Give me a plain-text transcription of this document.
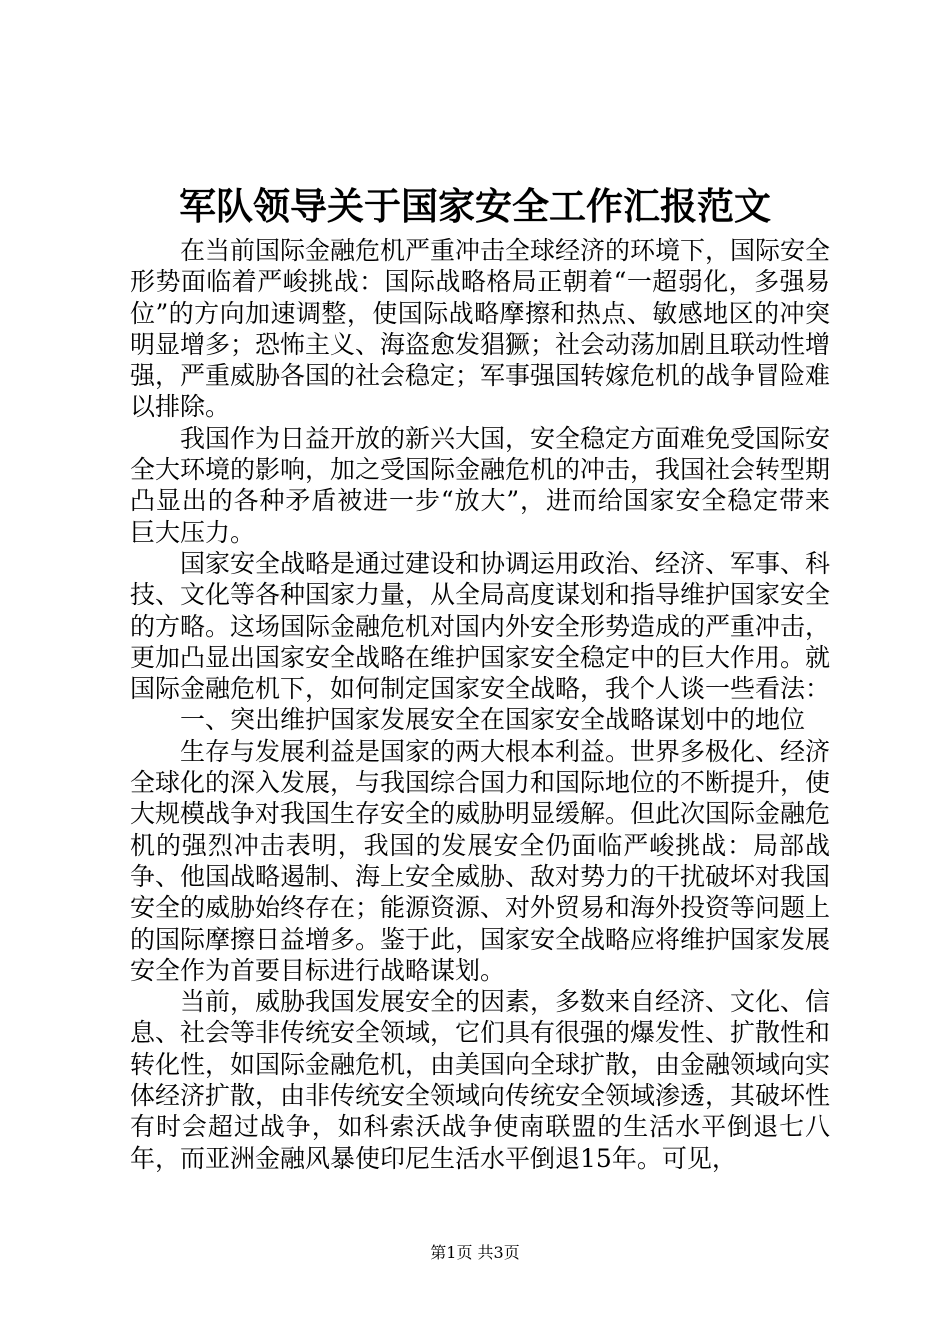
军队领导关于国家安全工作汇报范文

在当前国际金融危机严重冲击全球经济的环境下，国际安全形势面临着严峻挑战：国际战略格局正朝着“一超弱化，多强易位”的方向加速调整，使国际战略摩擦和热点、敏感地区的冲突明显增多；恐怖主义、海盗愈发猖獗；社会动荡加剧且联动性增强，严重威胁各国的社会稳定；军事强国转嫁危机的战争冒险难以排除。

我国作为日益开放的新兴大国，安全稳定方面难免受国际安全大环境的影响，加之受国际金融危机的冲击，我国社会转型期凸显出的各种矛盾被进一步“放大”，进而给国家安全稳定带来巨大压力。

国家安全战略是通过建设和协调运用政治、经济、军事、科技、文化等各种国家力量，从全局高度谋划和指导维护国家安全的方略。这场国际金融危机对国内外安全形势造成的严重冲击，更加凸显出国家安全战略在维护国家安全稳定中的巨大作用。就国际金融危机下，如何制定国家安全战略，我个人谈一些看法：

一、突出维护国家发展安全在国家安全战略谋划中的地位

生存与发展利益是国家的两大根本利益。世界多极化、经济全球化的深入发展，与我国综合国力和国际地位的不断提升，使大规模战争对我国生存安全的威胁明显缓解。但此次国际金融危机的强烈冲击表明，我国的发展安全仍面临严峻挑战：局部战争、他国战略遏制、海上安全威胁、敌对势力的干扰破坏对我国安全的威胁始终存在；能源资源、对外贸易和海外投资等问题上的国际摩擦日益增多。鉴于此，国家安全战略应将维护国家发展安全作为首要目标进行战略谋划。

当前，威胁我国发展安全的因素，多数来自经济、文化、信息、社会等非传统安全领域，它们具有很强的爆发性、扩散性和转化性，如国际金融危机，由美国向全球扩散，由金融领域向实体经济扩散，由非传统安全领域向传统安全领域渗透，其破坏性有时会超过战争，如科索沃战争使南联盟的生活水平倒退七八年，而亚洲金融风暴使印尼生活水平倒退15年。可见，

第1页 共3页
